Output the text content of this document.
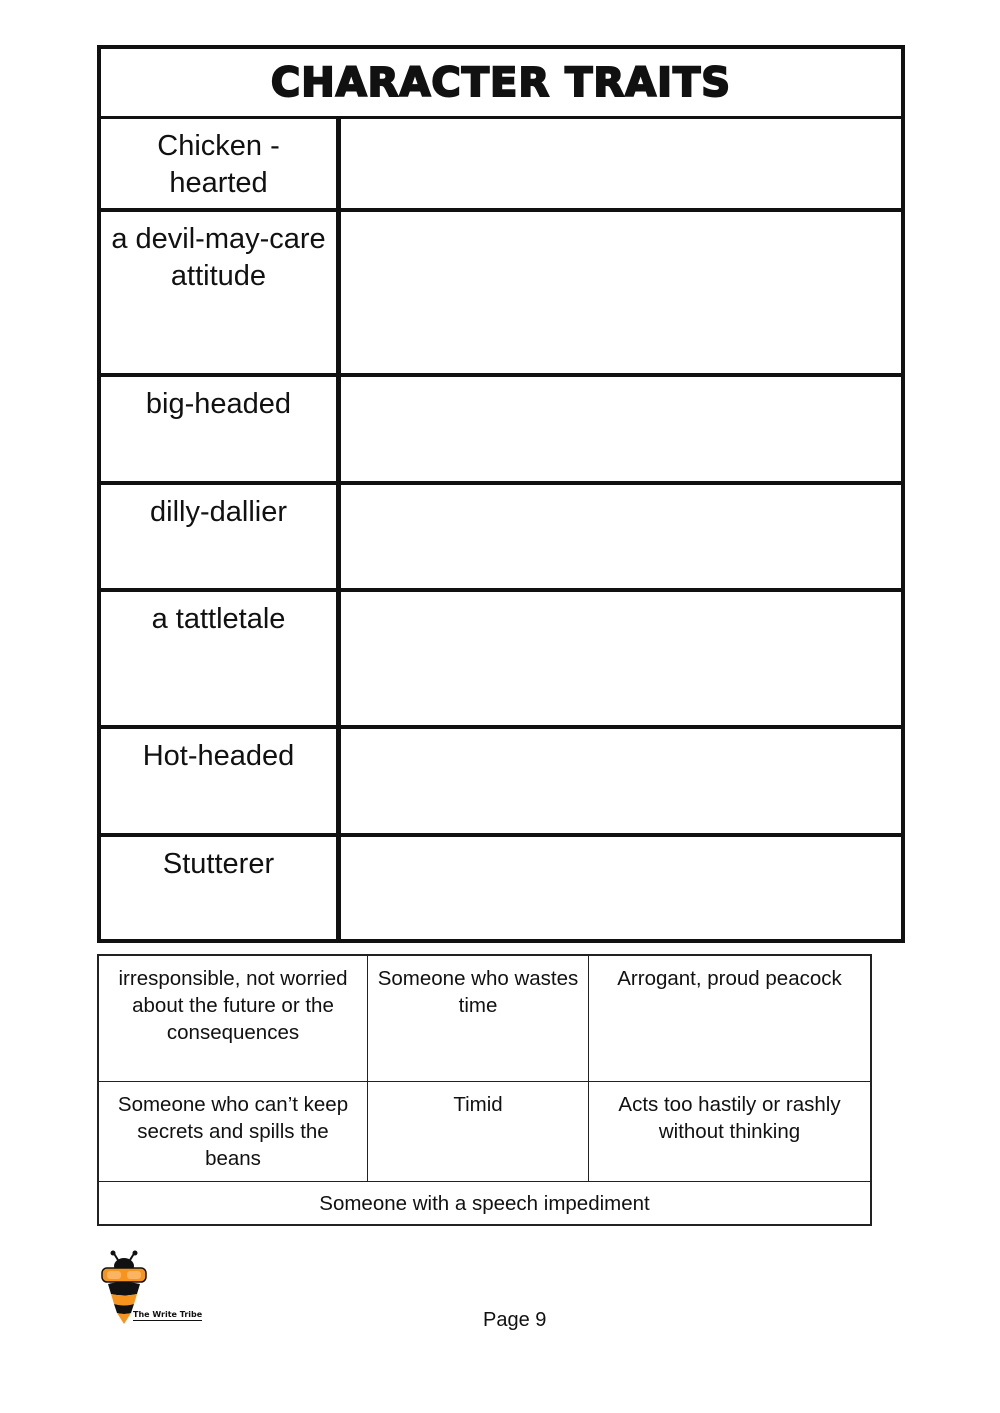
CHARACTER TRAITS
Chicken - hearted
a devil-may-care attitude
big-headed
dilly-dallier
a tattletale
Hot-headed
Stutterer
irresponsible, not worried about the future or the consequences
Someone who wastes time
Arrogant, proud peacock
Someone who can’t keep secrets and spills the beans
Timid	Acts too hastily or rashly without thinking
Someone with a speech impediment
The Write Tribe	Page 9
